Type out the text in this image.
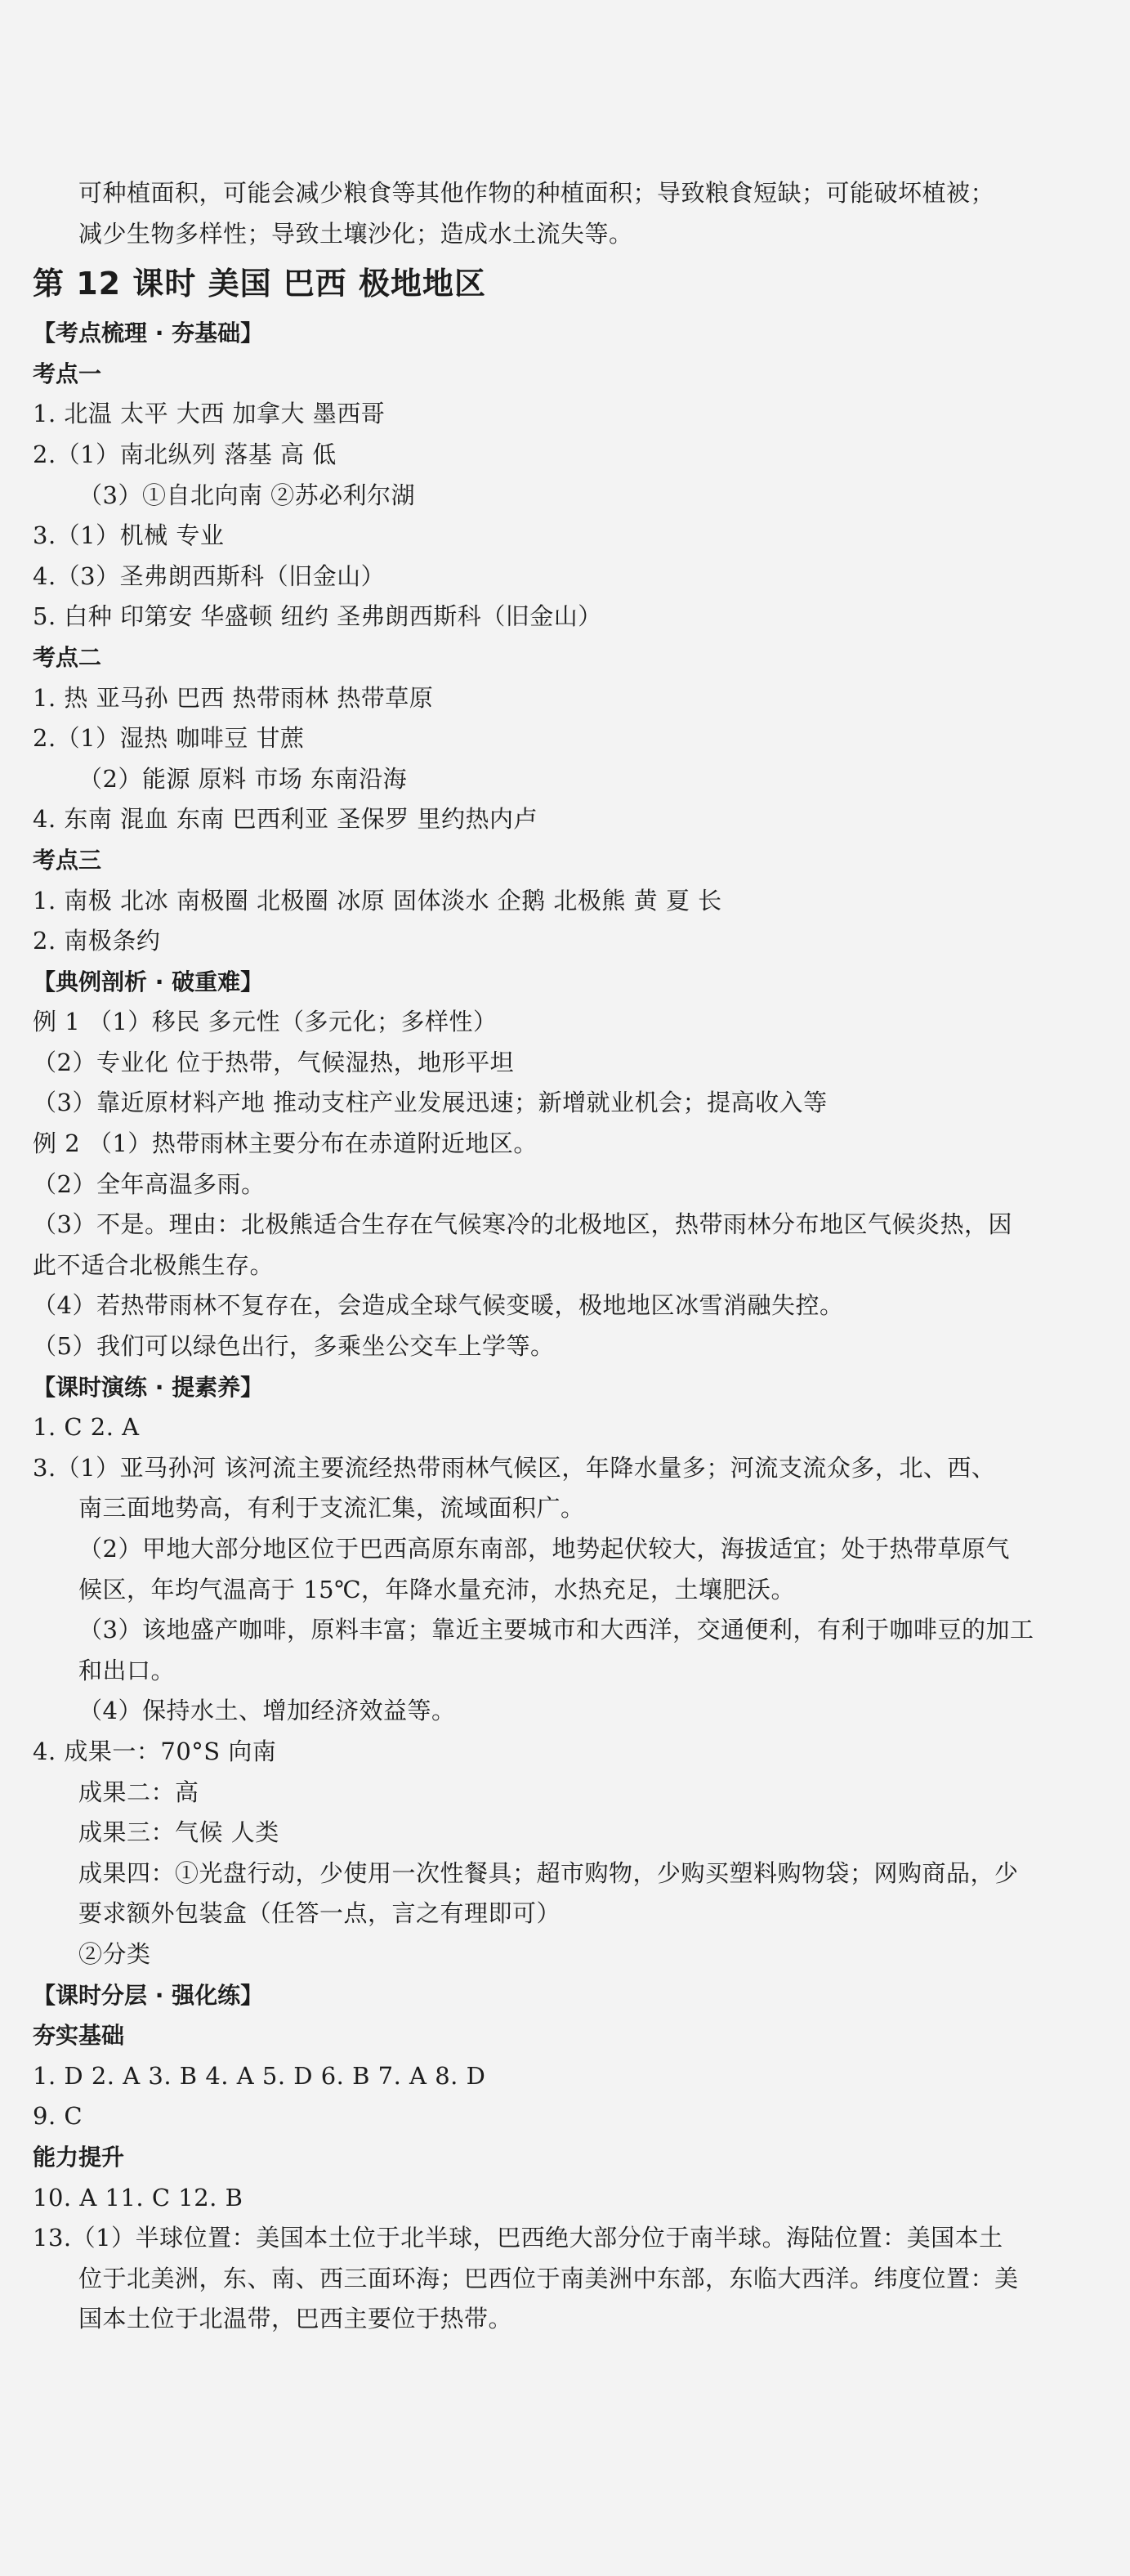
可种植面积，可能会减少粮食等其他作物的种植面积；导致粮食短缺；可能破坏植被；
减少生物多样性；导致土壤沙化；造成水土流失等。
第 12 课时 美国 巴西 极地地区
【考点梳理 · 夯基础】
考点一
1. 北温 太平 大西 加拿大 墨西哥
2.（1）南北纵列 落基 高 低
（3）①自北向南 ②苏必利尔湖
3.（1）机械 专业
4.（3）圣弗朗西斯科（旧金山）
5. 白种 印第安 华盛顿 纽约 圣弗朗西斯科（旧金山）
考点二
1. 热 亚马孙 巴西 热带雨林 热带草原
2.（1）湿热 咖啡豆 甘蔗
（2）能源 原料 市场 东南沿海
4. 东南 混血 东南 巴西利亚 圣保罗 里约热内卢
考点三
1. 南极 北冰 南极圈 北极圈 冰原 固体淡水 企鹅 北极熊 黄 夏 长
2. 南极条约
【典例剖析 · 破重难】
例 1 （1）移民 多元性（多元化；多样性）
（2）专业化 位于热带，气候湿热，地形平坦
（3）靠近原材料产地 推动支柱产业发展迅速；新增就业机会；提高收入等
例 2 （1）热带雨林主要分布在赤道附近地区。
（2）全年高温多雨。
（3）不是。理由：北极熊适合生存在气候寒冷的北极地区，热带雨林分布地区气候炎热，因
此不适合北极熊生存。
（4）若热带雨林不复存在，会造成全球气候变暖，极地地区冰雪消融失控。
（5）我们可以绿色出行，多乘坐公交车上学等。
【课时演练 · 提素养】
1. C 2. A
3.（1）亚马孙河 该河流主要流经热带雨林气候区，年降水量多；河流支流众多，北、西、
南三面地势高，有利于支流汇集，流域面积广。
（2）甲地大部分地区位于巴西高原东南部，地势起伏较大，海拔适宜；处于热带草原气
候区，年均气温高于 15℃，年降水量充沛，水热充足，土壤肥沃。
（3）该地盛产咖啡，原料丰富；靠近主要城市和大西洋，交通便利，有利于咖啡豆的加工
和出口。
（4）保持水土、增加经济效益等。
4. 成果一：70°S 向南
成果二：高
成果三：气候 人类
成果四：①光盘行动，少使用一次性餐具；超市购物，少购买塑料购物袋；网购商品，少
要求额外包装盒（任答一点，言之有理即可）
②分类
【课时分层 · 强化练】
夯实基础
1. D 2. A 3. B 4. A 5. D 6. B 7. A 8. D
9. C
能力提升
10. A 11. C 12. B
13.（1）半球位置：美国本土位于北半球，巴西绝大部分位于南半球。海陆位置：美国本土
位于北美洲，东、南、西三面环海；巴西位于南美洲中东部，东临大西洋。纬度位置：美
国本土位于北温带，巴西主要位于热带。
